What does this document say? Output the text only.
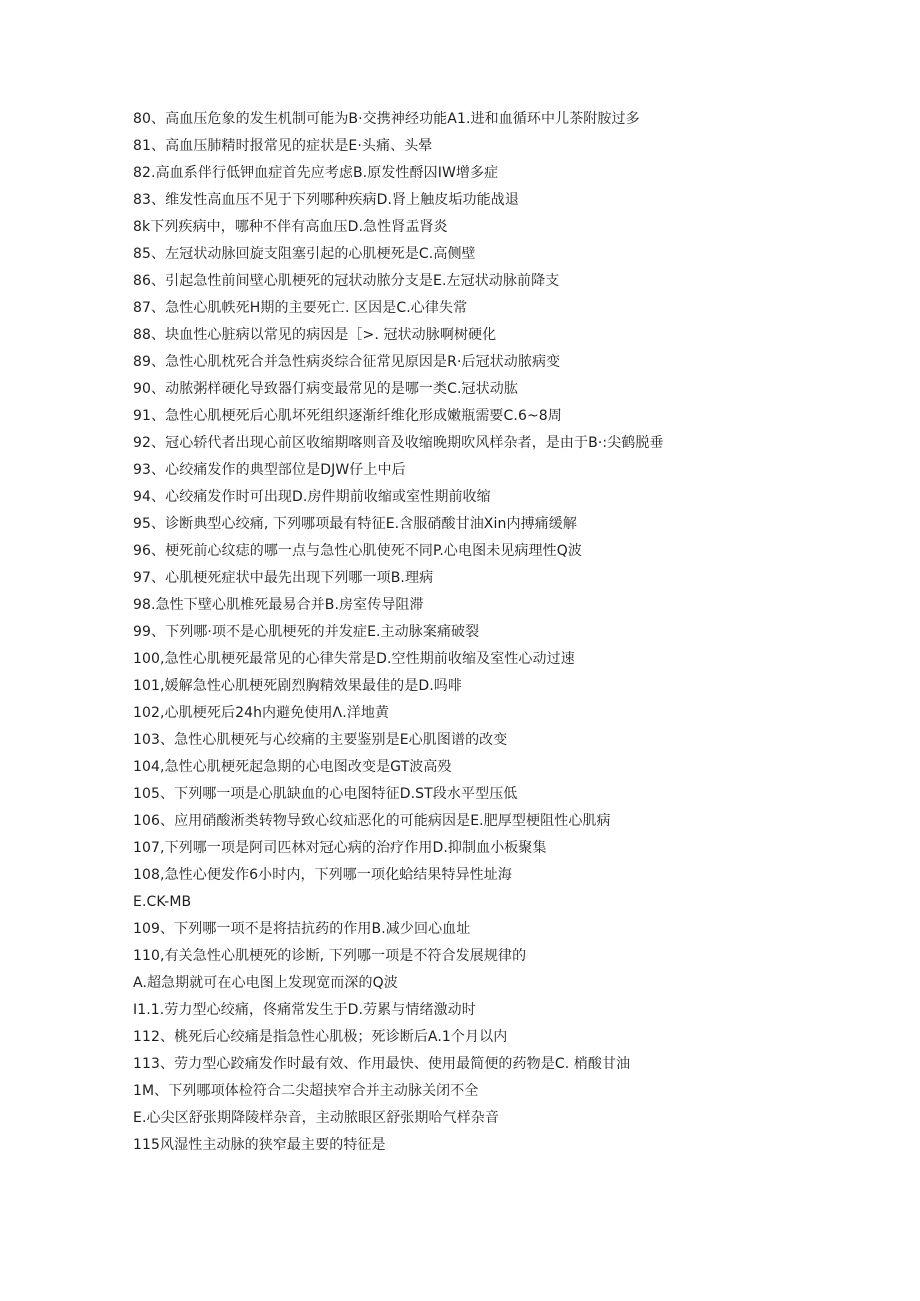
80、高血压危象的发生机制可能为B·交携神经功能A1.进和血循环中儿茶附胺过多
81、高血压肺精时报常见的症状是E·头痛、头晕
82.高血系伴行低钾血症首先应考虑B.原发性酹囚IW增多症
83、维发性高血压不见于下列哪种疾病D.肾上触皮垢功能战退
8k下列疾病中，哪种不伴有高血压D.急性肾盂肾炎
85、左冠状动脉回旋支阻塞引起的心肌梗死是C.高侧壁
86、引起急性前间壁心肌梗死的冠状动脓分支是E.左冠状动脉前降支
87、急性心肌帙死H期的主要死亡. 区因是C.心律失常
88、块血性心脏病以常见的病因是［>. 冠状动脉啊树硬化
89、急性心肌枕死合并急性病炎综合征常见原因是R·后冠状动脓病变
90、动脓粥样硬化导致器仃病变最常见的是哪一类C.冠状动肱
91、急性心肌梗死后心肌坏死组织逐渐纤维化形成嫩瓶需要C.6~8周
92、冠心轿代者出现心前区收缩期喀则音及收缩晚期吹风样杂者，是由于B·:尖鹤脱垂
93、心绞痛发作的典型部位是DJW仔上中后
94、心绞痛发作时可出现D.房件期前收缩或室性期前收缩
95、诊断典型心绞痛, 下列哪项最有特征E.含服硝酸甘油Xin内搏痛缓解
96、梗死前心纹痣的哪一点与急性心肌使死不同P.心电图未见病理性Q波
97、心肌梗死症状中最先出现下列哪一项B.理病
98.急性下壁心肌椎死最易合并B.房室传导阻滞
99、下列哪·项不是心肌梗死的并发症E.主动脉案痛破裂
100,急性心肌梗死最常见的心律失常是D.空性期前收缩及室性心动过速
101,媛解急性心肌梗死剧烈胸精效果最佳的是D.吗啡
102,心肌梗死后24h内避免使用Λ.洋地黄
103、急性心肌梗死与心绞痛的主要鉴别是E心肌图谱的改变
104,急性心肌梗死起急期的心电图改变是GT波高殁
105、下列哪一项是心肌缺血的心电图特征D.ST段水平型压低
106、应用硝酸淅类转物导致心纹疝恶化的可能病因是E.肥厚型梗阻性心肌病
107,下列哪一项是阿司匹林对冠心病的治疗作用D.抑制血小板聚集
108,急性心便发作6小时内，下列哪一项化蛤结果特异性址海
E.CK-MB
109、下列哪一项不是将拮抗药的作用B.减少回心血址
110,有关急性心肌梗死的诊断, 下列哪一项是不符合发展规律的
A.超急期就可在心电图上发现宽而深的Q波
I1.1.劳力型心绞痛，佟痛常发生于D.劳累与情绪激动时
112、桃死后心绞痛是指急性心肌极；死诊断后A.1个月以内
113、劳力型心跤痛发作时最有效、作用最快、使用最简便的药物是C. 梢酸甘油
1M、下列哪项体检符合二尖超挟窄合并主动脉关闭不全
E.心尖区舒张期降陵样杂音，主动脓眼区舒张期哈气样杂音
115风湿性主动脉的狭窄最主要的特征是
